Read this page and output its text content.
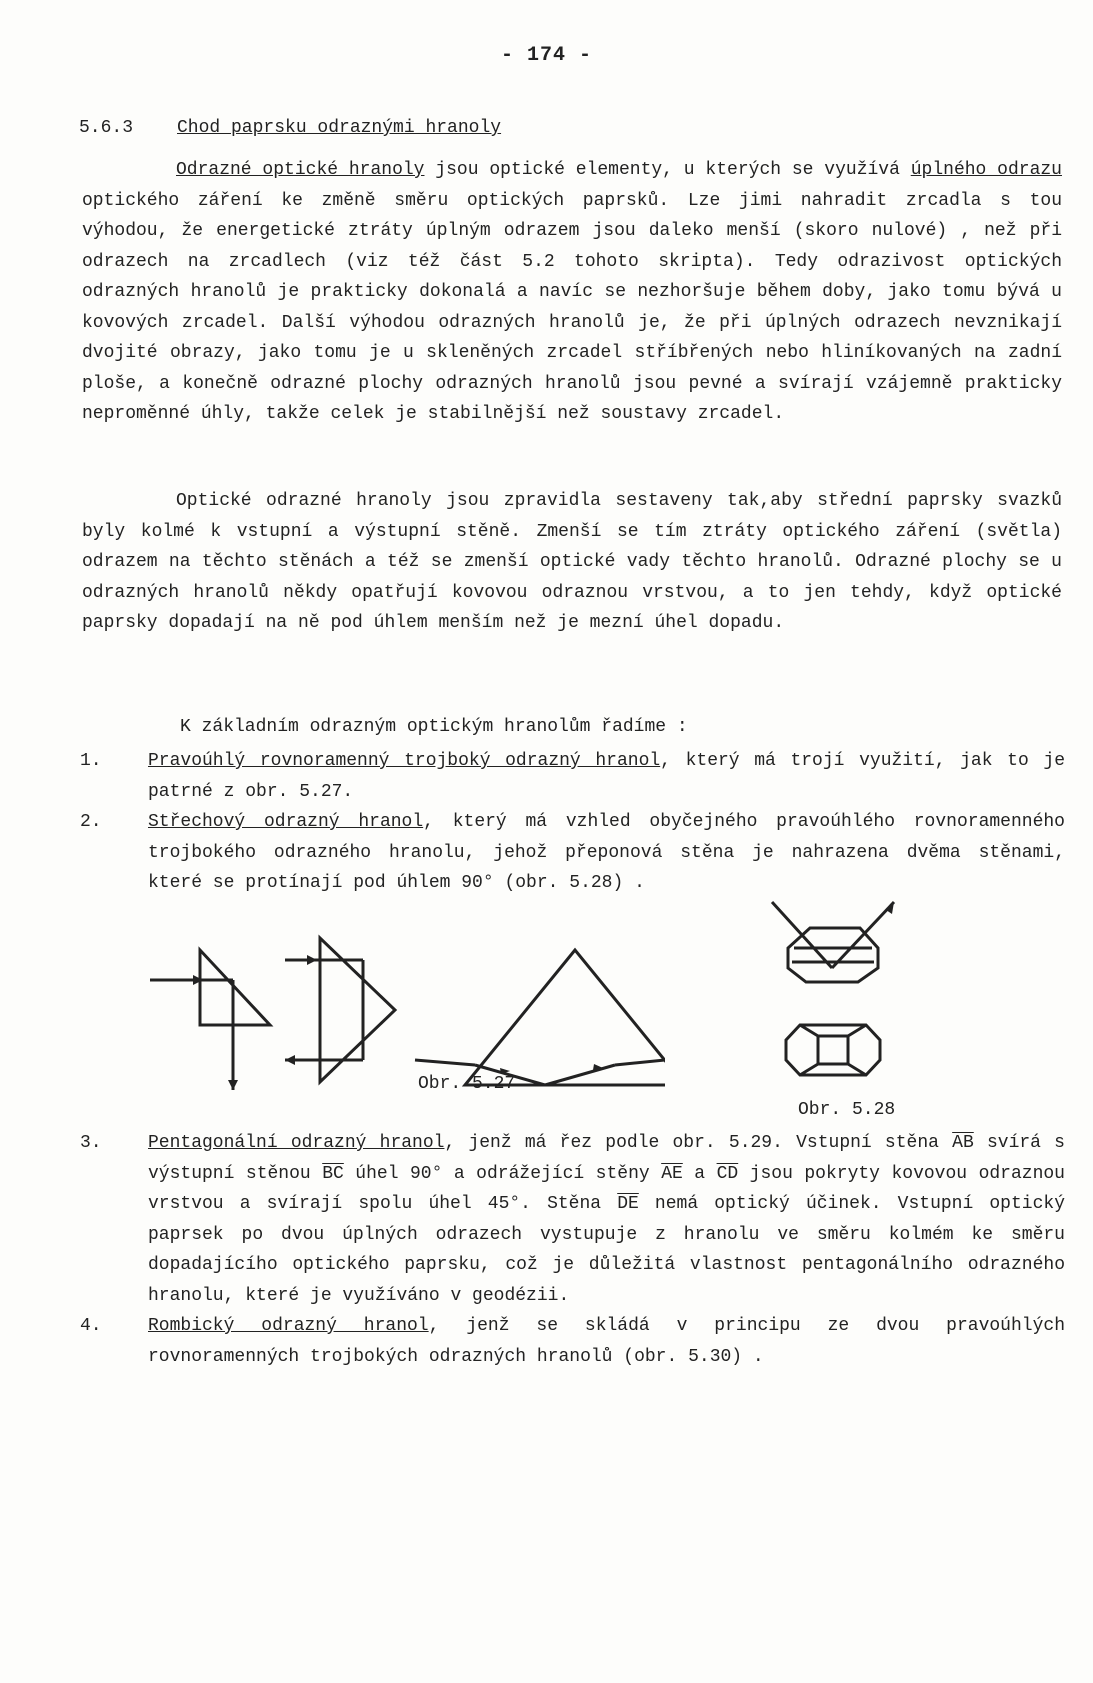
- 174 -
5.6.3 Chod paprsku odraznými hranoly

Odrazné optické hranoly jsou optické elementy, u kterých se využívá úplného odrazu optického záření ke změně směru optických paprsků. Lze jimi nahradit zrcadla s tou výhodou, že energetické ztráty úplným odrazem jsou daleko menší (skoro nulové) , než při odrazech na zrcadlech (viz též část 5.2 tohoto skripta). Tedy odrazivost optických odrazných hranolů je prakticky dokonalá a navíc se nezhoršuje během doby, jako tomu bývá u kovových zrcadel. Další výhodou odrazných hranolů je, že při úplných odrazech nevznikají dvojité obrazy, jako tomu je u skleněných zrcadel stříbřených nebo hliníkovaných na zadní ploše, a konečně odrazné plochy odrazných hranolů jsou pevné a svírají vzájemně prakticky neproměnné úhly, takže celek je stabilnější než soustavy zrcadel.

Optické odrazné hranoly jsou zpravidla sestaveny tak,aby střední paprsky svazků byly kolmé k vstupní a výstupní stěně. Zmenší se tím ztráty optického záření (světla) odrazem na těchto stěnách a též se zmenší optické vady těchto hranolů. Odrazné plochy se u odrazných hranolů někdy opatřují kovovou odraznou vrstvou, a to jen tehdy, když optické paprsky dopadají na ně pod úhlem menším než je mezní úhel dopadu.

K základním odrazným optickým hranolům řadíme :
1.	Pravoúhlý rovnoramenný trojboký odrazný hranol, který má trojí využití, jak to je patrné z obr. 5.27.
2.	Střechový odrazný hranol, který má vzhled obyčejného pravoúhlého rovnoramenného trojbokého odrazného hranolu, jehož přeponová stěna je nahrazena dvěma stěnami, které se protínají pod úhlem 90° (obr. 5.28) .
Obr. 5.27
Obr. 5.28
3.	Pentagonální odrazný hranol, jenž má řez podle obr. 5.29. Vstupní stěna $\overline{AB}$ svírá s výstupní stěnou $\overline{BC}$ úhel 90° a odrážející stěny $\overline{AE}$ a $\overline{CD}$ jsou pokryty kovovou odraznou vrstvou a svírají spolu úhel 45°. Stěna $\overline{DE}$ nemá optický účinek. Vstupní optický paprsek po dvou úplných odrazech vystupuje z hranolu ve směru kolmém ke směru dopadajícího optického paprsku, což je důležitá vlastnost pentagonálního odrazného hranolu, které je využíváno v geodézii.
4.	Rombický odrazný hranol, jenž se skládá v principu ze dvou pravoúhlých rovnoramenných trojbokých odrazných hranolů (obr. 5.30) .
